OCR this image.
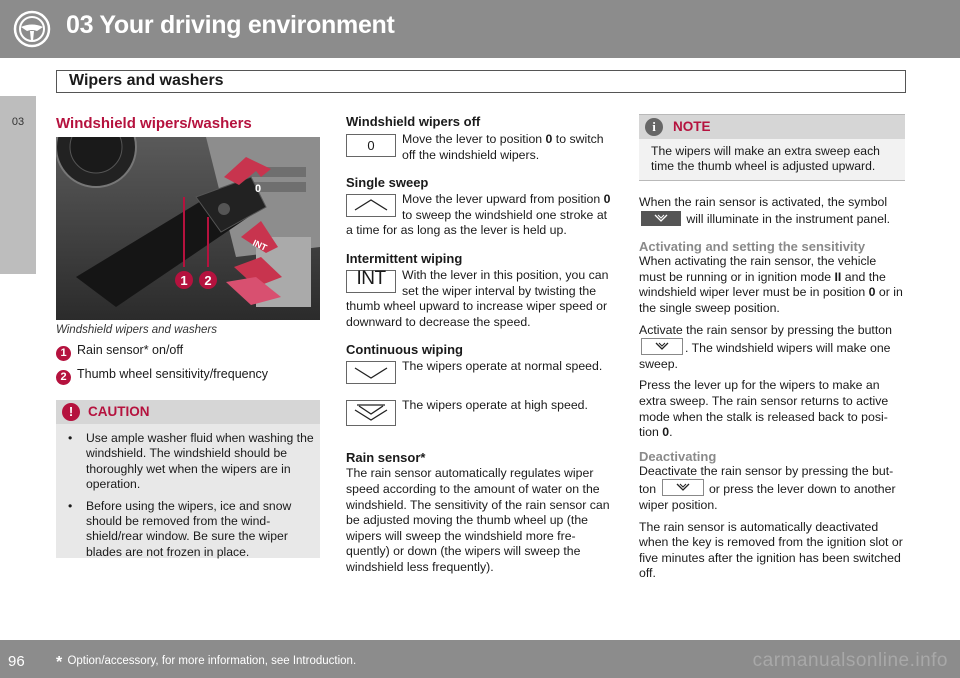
03 Your driving environment
Wipers and washers
03	Windshield wipers/washers
1 2
0
INT
Windshield wipers and washers
1 Rain sensor* on/off
2 Thumb wheel sensitivity/frequency
!	CAUTION
• Use ample washer fluid when washing the windshield. The windshield should be thoroughly wet when the wipers are in operation.
• Before using the wipers, ice and snow should be removed from the wind-shield/rear window. Be sure the wiper blades are not frozen in place.
Windshield wipers off
0	Move the lever to position 0 to switch off the windshield wipers.
Single sweep
Move the lever upward from position 0 to sweep the windshield one stroke at a time for as long as the lever is held up.
Intermittent wiping
INT	With the lever in this position, you can set the wiper interval by twisting the thumb wheel upward to increase wiper speed or downward to decrease the speed.
Continuous wiping
The wipers operate at normal speed.
The wipers operate at high speed.
Rain sensor*
The rain sensor automatically regulates wiper speed according to the amount of water on the windshield. The sensitivity of the rain sensor can be adjusted moving the thumb wheel up (the wipers will sweep the windshield more fre-quently) or down (the wipers will sweep the windshield less frequently).
i	NOTE
The wipers will make an extra sweep each time the thumb wheel is adjusted upward.
When the rain sensor is activated, the symbol

will illuminate in the instrument panel.
Activating and setting the sensitivity
When activating the rain sensor, the vehicle must be running or in ignition mode II and the windshield wiper lever must be in position 0 or in the single sweep position.
Activate the rain sensor by pressing the button

. The windshield wipers will make one sweep.
Press the lever up for the wipers to make an extra sweep. The rain sensor returns to active mode when the stalk is released back to posi-tion 0.
Deactivating
Deactivate the rain sensor by pressing the but-ton	or press the lever down to another wiper position.
The rain sensor is automatically deactivated when the key is removed from the ignition slot or five minutes after the ignition has been switched off.
96 * Option/accessory, for more information, see Introduction.	carmanualsonline.info
